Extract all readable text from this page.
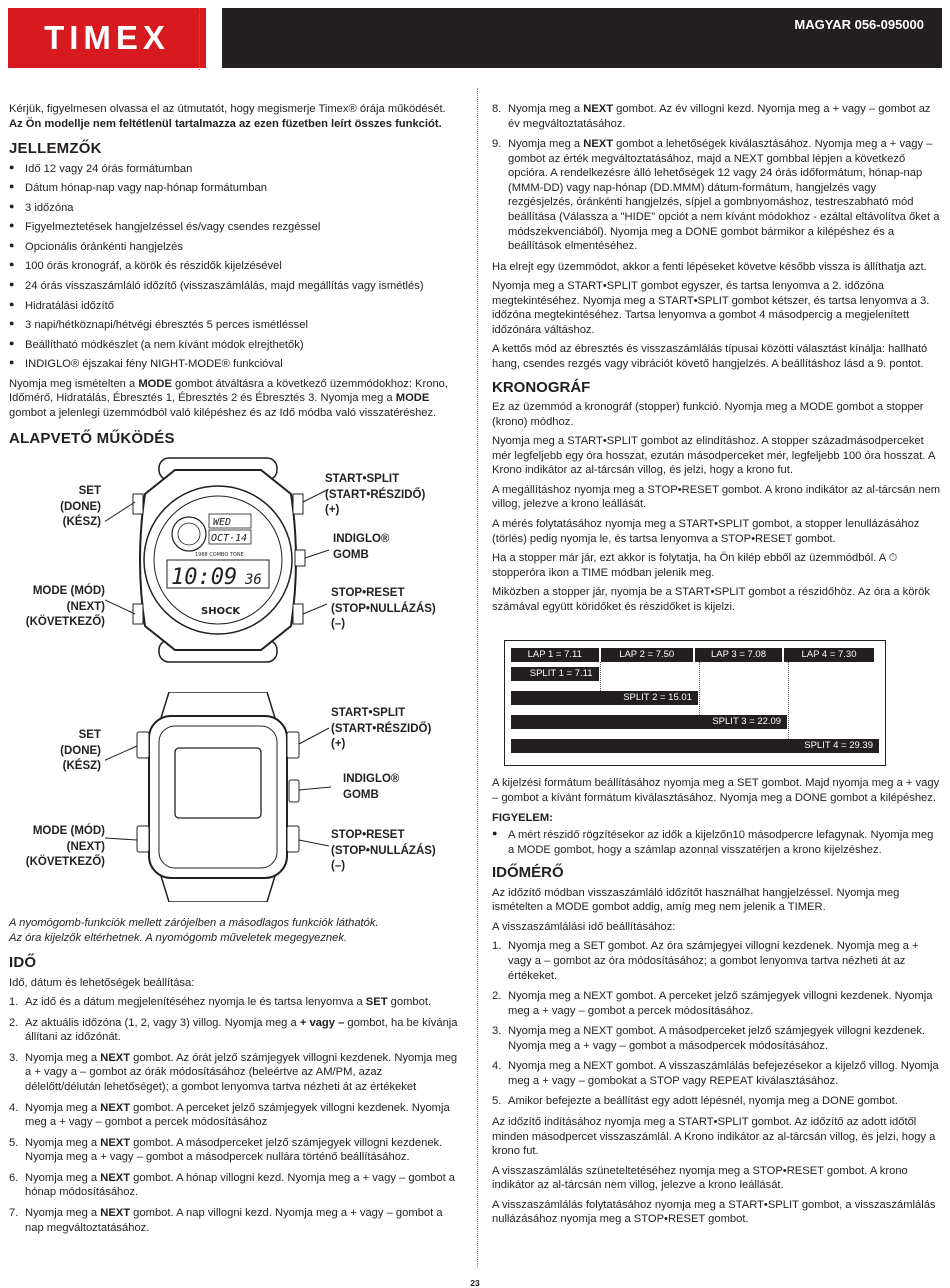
TIMEX	MAGYAR 056-095000
Kérjük, figyelmesen olvassa el az útmutatót, hogy megismerje Timex® órája működését. Az Ön modellje nem feltétlenül tartalmazza az ezen füzetben leírt összes funkciót.
JELLEMZŐK
● Idő 12 vagy 24 órás formátumban
● Dátum hónap-nap vagy nap-hónap formátumban
● 3 időzóna
● Figyelmeztetések hangjelzéssel és/vagy csendes rezgéssel
● Opcionális óránkénti hangjelzés
● 100 órás kronográf, a körök és részidők kijelzésével
● 24 órás visszaszámláló időzítő (visszaszámlálás, majd megállítás vagy ismétlés)
● Hidratálási időzítő
● 3 napi/hétköznapi/hétvégi ébresztés 5 perces ismétléssel
● Beállítható módkészlet (a nem kívánt módok elrejthetők)
● INDIGLO® éjszakai fény NIGHT-MODE® funkcióval
Nyomja meg ismételten a MODE gombot átváltásra a következő üzemmódokhoz: Krono, Időmérő, Hidratálás, Ébresztés 1, Ébresztés 2 és Ébresztés 3. Nyomja meg a MODE gombot a jelenlegi üzemmódból való kilépéshez és az Idő módba való visszatéréshez.
ALAPVETŐ MŰKÖDÉS
SET
(DONE)
(KÉSZ)
MODE (MÓD)
(NEXT)
(KÖVETKEZŐ)
START•SPLIT
(START•RÉSZIDŐ)
(+)
INDIGLO®
GOMB
STOP•RESET
(STOP•NULLÁZÁS)
(–)
WED
OCT·14
1988 COMBO TONE
10:09 36
SHOCK
SET
(DONE)
(KÉSZ)
MODE (MÓD)
(NEXT)
(KÖVETKEZŐ)
START•SPLIT
(START•RÉSZIDŐ)
(+)
INDIGLO®
GOMB
STOP•RESET
(STOP•NULLÁZÁS)
(–)
A nyomógomb-funkciók mellett zárójelben a másodlagos funkciók láthatók.
Az óra kijelzők eltérhetnek. A nyomógomb műveletek megegyeznek.
IDŐ
Idő, dátum és lehetőségek beállítása:
1. Az idő és a dátum megjelenítéséhez nyomja le és tartsa lenyomva a SET gombot.
2. Az aktuális időzóna (1, 2, vagy 3) villog. Nyomja meg a + vagy – gombot, ha be kívánja állítani az időzónát.
3. Nyomja meg a NEXT gombot. Az órát jelző számjegyek villogni kezdenek. Nyomja meg a + vagy a – gombot az órák módosításához (beleértve az AM/PM, azaz délelőtt/délután lehetőséget); a gombot lenyomva tartva nézheti át az értékeket
4. Nyomja meg a NEXT gombot. A perceket jelző számjegyek villogni kezdenek. Nyomja meg a + vagy – gombot a percek módosításához
5. Nyomja meg a NEXT gombot. A másodperceket jelző számjegyek villogni kezdenek. Nyomja meg a + vagy – gombot a másodpercek nullára történő beállításához.
6. Nyomja meg a NEXT gombot. A hónap villogni kezd. Nyomja meg a + vagy – gombot a hónap módosításához.
7. Nyomja meg a NEXT gombot. A nap villogni kezd. Nyomja meg a + vagy – gombot a nap megváltoztatásához.
8. Nyomja meg a NEXT gombot. Az év villogni kezd. Nyomja meg a + vagy – gombot az év megváltoztatásához.
9. Nyomja meg a NEXT gombot a lehetőségek kiválasztásához. Nyomja meg a + vagy – gombot az érték megváltoztatásához, majd a NEXT gombbal lépjen a következő opcióra. A rendelkezésre álló lehetőségek 12 vagy 24 órás időformátum, hónap-nap (MMM-DD) vagy nap-hónap (DD.MMM) dátum-formátum, hangjelzés vagy rezgésjelzés, óránkénti hangjelzés, sípjel a gombnyomáshoz, testreszabható mód beállítása (Válassza a "HIDE" opciót a nem kívánt módokhoz - ezáltal eltávolítva őket a módszekvenciából). Nyomja meg a DONE gombot bármikor a kilépéshez és a beállítások elmentéséhez.
Ha elrejt egy üzemmódot, akkor a fenti lépéseket követve később vissza is állíthatja azt.
Nyomja meg a START•SPLIT gombot egyszer, és tartsa lenyomva a 2. időzóna megtekintéséhez. Nyomja meg a START•SPLIT gombot kétszer, és tartsa lenyomva a 3. időzóna megtekintéséhez. Tartsa lenyomva a gombot 4 másodpercig a megjelenített időzónára váltáshoz.
A kettős mód az ébresztés és visszaszámlálás típusai közötti választást kínálja: hallható hang, csendes rezgés vagy vibrációt követő hangjelzés. A beállításhoz lásd a 9. pontot.
KRONOGRÁF
Ez az üzemmód a kronográf (stopper) funkció. Nyomja meg a MODE gombot a stopper (krono) módhoz.
Nyomja meg a START•SPLIT gombot az elindításhoz. A stopper századmásodperceket mér legfeljebb egy óra hosszat, ezután másodperceket mér, legfeljebb 100 óra hosszat. A Krono indikátor az al-tárcsán villog, és jelzi, hogy a krono fut.
A megállításhoz nyomja meg a STOP•RESET gombot. A krono indikátor az al-tárcsán nem villog, jelezve a krono leállását.
A mérés folytatásához nyomja meg a START•SPLIT gombot, a stopper lenullázásához (törlés) pedig nyomja le, és tartsa lenyomva a STOP•RESET gombot.
Ha a stopper már jár, ezt akkor is folytatja, ha Ön kilép ebből az üzemmódból. A ⏱ stopperóra ikon a TIME módban jelenik meg.
Miközben a stopper jár, nyomja be a START•SPLIT gombot a részidőhöz. Az óra a körök számával együtt köridőket és részidőket is kijelzi.
LAP 1 = 7.11	LAP 2 = 7.50	LAP 3 = 7.08	LAP 4 = 7.30
SPLIT 1 = 7.11
SPLIT 2 = 15.01
SPLIT 3 = 22.09
SPLIT 4 = 29.39
A kijelzési formátum beállításához nyomja meg a SET gombot. Majd nyomja meg a + vagy – gombot a kívánt formátum kiválasztásához. Nyomja meg a DONE gombot a kilépéshez.
FIGYELEM:
● A mért részidő rögzítésekor az idők a kijelzőn10 másodpercre lefagynak. Nyomja meg a MODE gombot, hogy a számlap azonnal visszatérjen a krono kijelzéshez.
IDŐMÉRŐ
Az időzítő módban visszaszámláló időzítőt használhat hangjelzéssel. Nyomja meg ismételten a MODE gombot addig, amíg meg nem jelenik a TIMER.
A visszaszámlálási idő beállításához:
1. Nyomja meg a SET gombot. Az óra számjegyei villogni kezdenek. Nyomja meg a + vagy a – gombot az óra módosításához; a gombot lenyomva tartva nézheti át az értékeket.
2. Nyomja meg a NEXT gombot. A perceket jelző számjegyek villogni kezdenek. Nyomja meg a + vagy – gombot a percek módosításához.
3. Nyomja meg a NEXT gombot. A másodperceket jelző számjegyek villogni kezdenek. Nyomja meg a + vagy – gombot a másodpercek módosításához.
4. Nyomja meg a NEXT gombot. A visszaszámlálás befejezésekor a kijelző villog. Nyomja meg a + vagy – gombokat a STOP vagy REPEAT kiválasztásához.
5. Amikor befejezte a beállítást egy adott lépésnél, nyomja meg a DONE gombot.
Az időzítő indításához nyomja meg a START•SPLIT gombot. Az időzítő az adott időtől minden másodpercet visszaszámlál. A Krono indikátor az al-tárcsán villog, és jelzi, hogy a krono fut.
A visszaszámlálás szüneteltetéséhez nyomja meg a STOP•RESET gombot. A krono indikátor az al-tárcsán nem villog, jelezve a krono leállását.
A visszaszámlálás folytatásához nyomja meg a START•SPLIT gombot, a visszaszámlálás nullázásához nyomja meg a STOP•RESET gombot.
23
